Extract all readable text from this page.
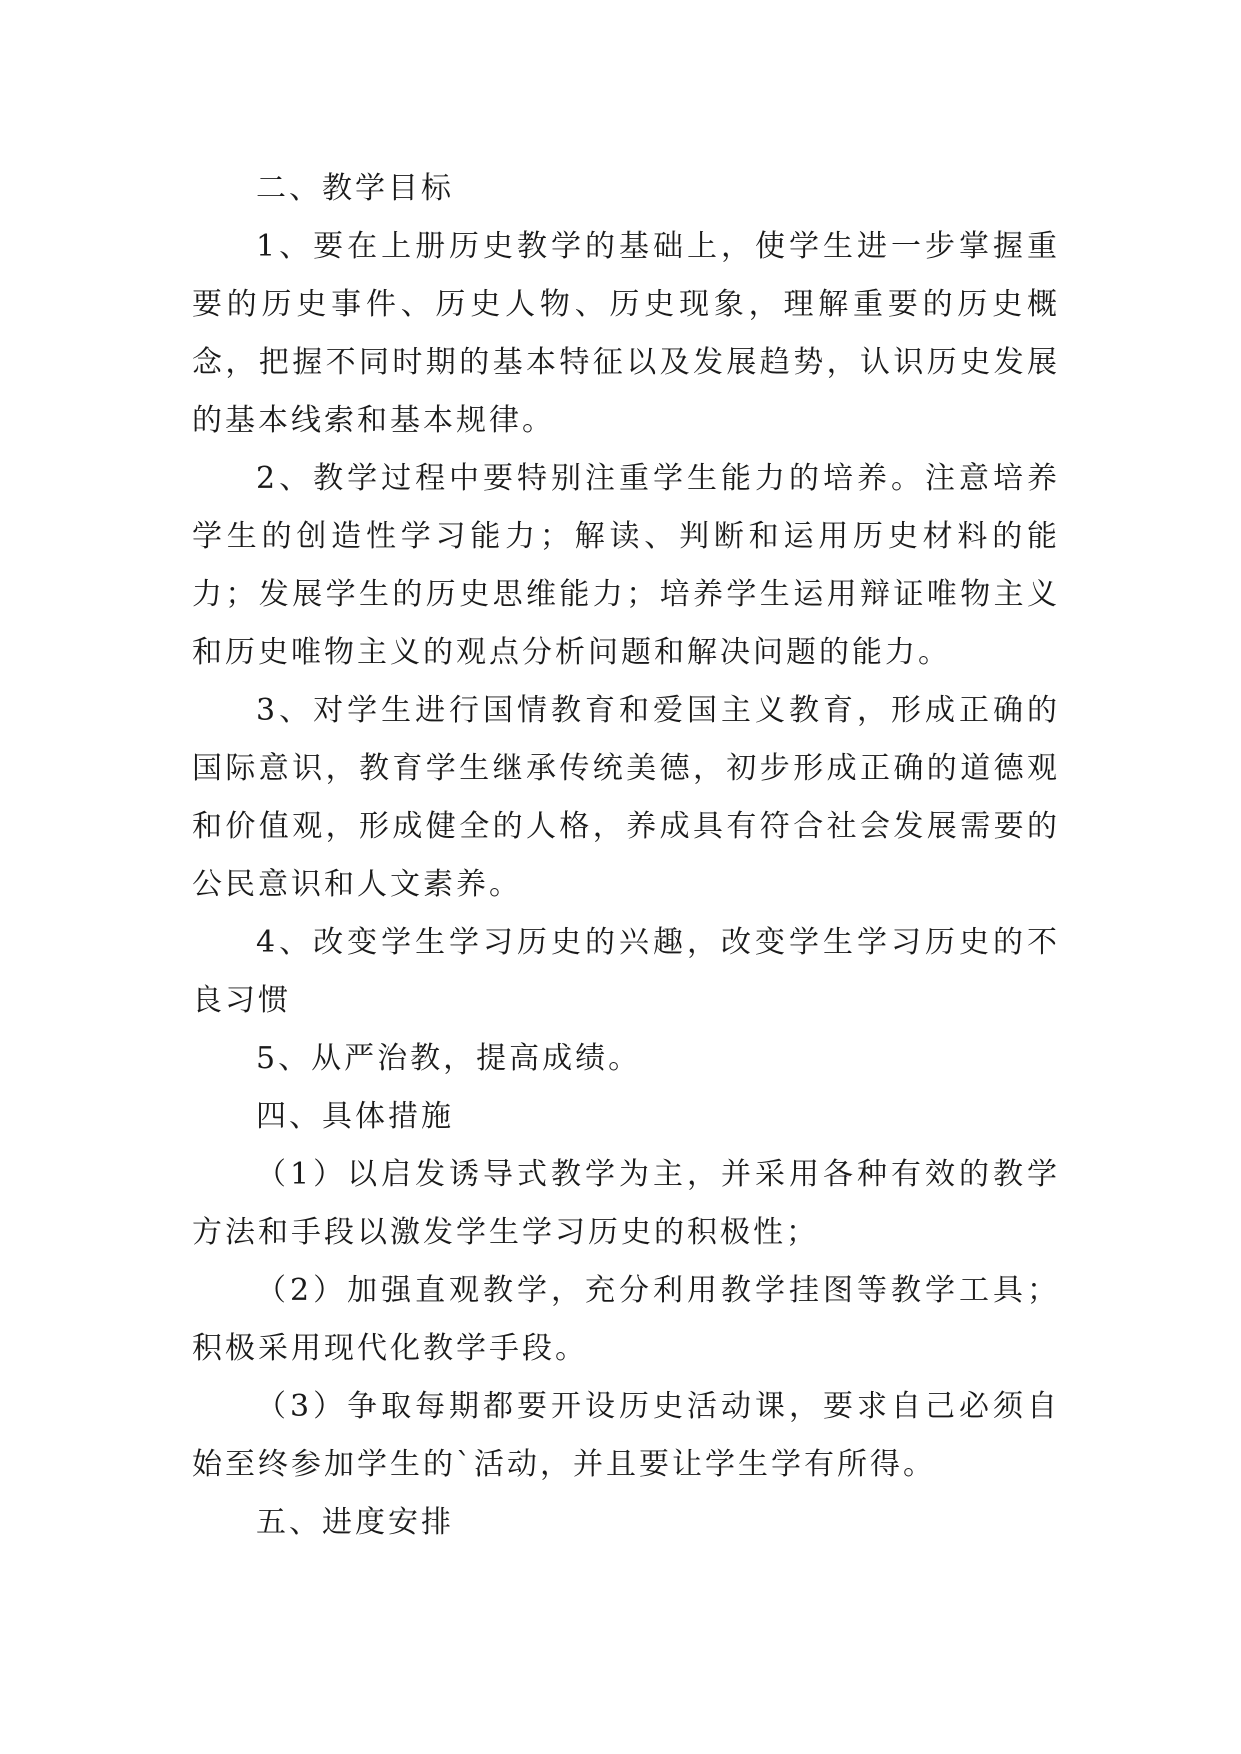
二、教学目标

1、要在上册历史教学的基础上，使学生进一步掌握重要的历史事件、历史人物、历史现象，理解重要的历史概念，把握不同时期的基本特征以及发展趋势，认识历史发展的基本线索和基本规律。

2、教学过程中要特别注重学生能力的培养。注意培养学生的创造性学习能力；解读、判断和运用历史材料的能力；发展学生的历史思维能力；培养学生运用辩证唯物主义和历史唯物主义的观点分析问题和解决问题的能力。

3、对学生进行国情教育和爱国主义教育，形成正确的国际意识，教育学生继承传统美德，初步形成正确的道德观和价值观，形成健全的人格，养成具有符合社会发展需要的公民意识和人文素养。

4、改变学生学习历史的兴趣，改变学生学习历史的不良习惯

5、从严治教，提高成绩。

四、具体措施

（1）以启发诱导式教学为主，并采用各种有效的教学方法和手段以激发学生学习历史的积极性；

（2）加强直观教学，充分利用教学挂图等教学工具；积极采用现代化教学手段。

（3）争取每期都要开设历史活动课，要求自己必须自始至终参加学生的`活动，并且要让学生学有所得。

五、进度安排
